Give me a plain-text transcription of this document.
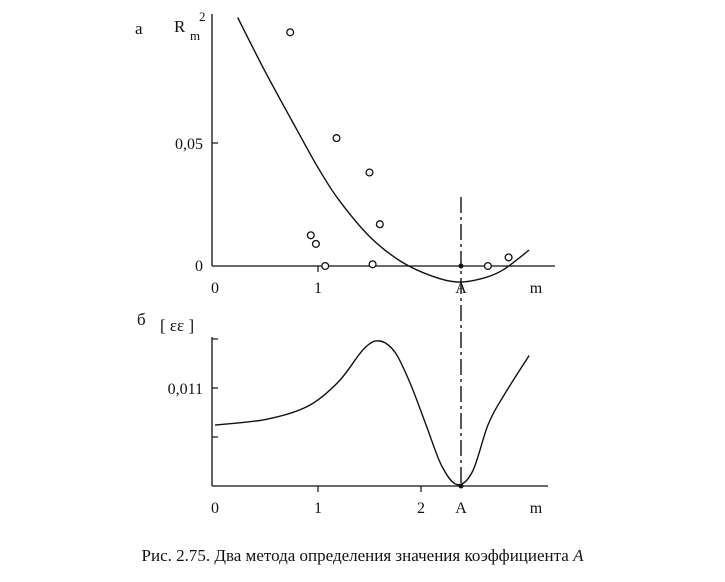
а R m
2
0,05
0
0	1	A	m
б [ εε ]
0,011
0	1	2 A	m
Рис. 2.75. Два метода определения значения коэффициента A
